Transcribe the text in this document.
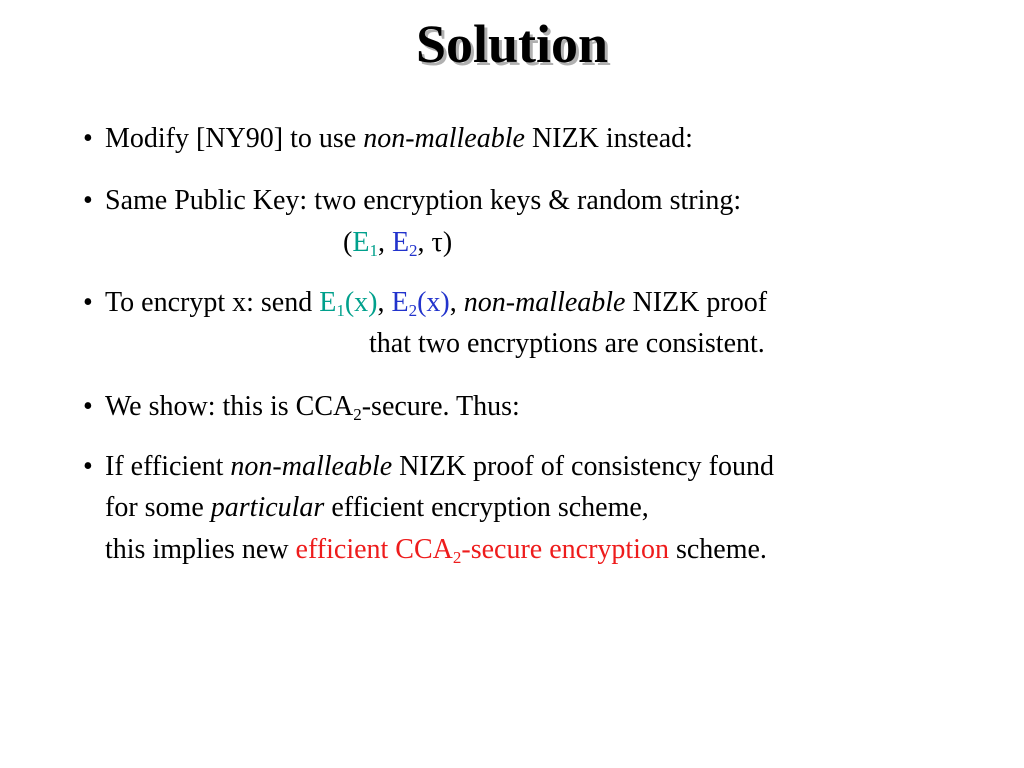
Solution
• Modify [NY90] to use non-malleable NIZK instead:
• Same Public Key: two encryption keys & random string:
($E_1$, $E_2$, τ)
• To encrypt x: send $E_1(x)$, $E_2(x)$, non-malleable NIZK proof
that two encryptions are consistent.
• We show: this is $CCA_2$-secure. Thus:
• If efficient non-malleable NIZK proof of consistency found
for some particular efficient encryption scheme,
this implies new efficient $CCA_2$-secure encryption scheme.
